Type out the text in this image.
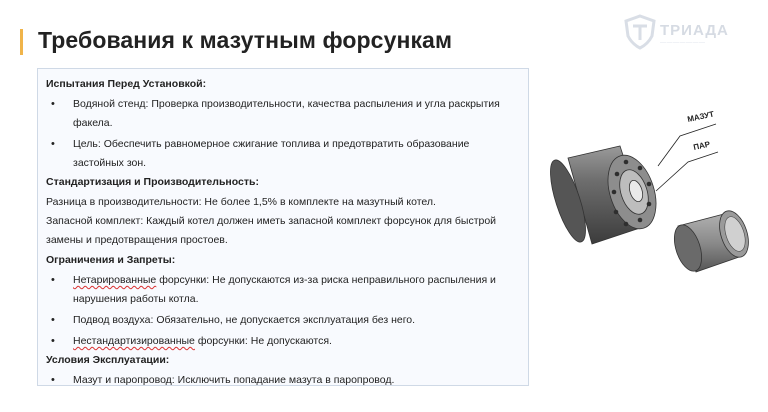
Требования к мазутным форсункам	ТРИАДА
———————
Испытания Перед Установкой:
• Водяной стенд: Проверка производительности, качества распыления и угла раскрытия факела.
• Цель: Обеспечить равномерное сжигание топлива и предотвратить образование застойных зон.
Стандартизация и Производительность:
Разница в производительности: Не более 1,5% в комплекте на мазутный котел.
Запасной комплект: Каждый котел должен иметь запасной комплект форсунок для быстрой замены и предотвращения простоев.
Ограничения и Запреты:
• Нетарированные форсунки: Не допускаются из-за риска неправильного распыления и нарушения работы котла.
• Подвод воздуха: Обязательно, не допускается эксплуатация без него.
• Нестандартизированные форсунки: Не допускаются.
Условия Эксплуатации:
• Мазут и паропровод: Исключить попадание мазута в паропровод.
МАЗУТ
ПАР
